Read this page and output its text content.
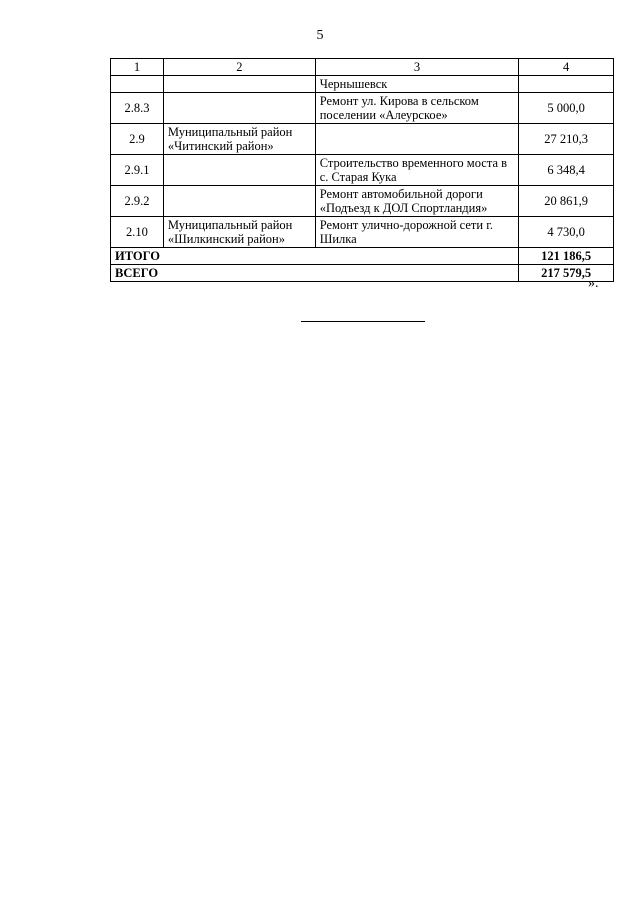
5
1	2	3	4
		Чернышевск	
2.8.3		Ремонт ул. Кирова в сельском поселении «Алеурское»	5 000,0
2.9	Муниципальный район «Читинский район»		27 210,3
2.9.1		Строительство временного моста в с. Старая Кука	6 348,4
2.9.2		Ремонт автомобильной дороги «Подъезд к ДОЛ Спортландия»	20 861,9
2.10	Муниципальный район «Шилкинский район»	Ремонт улично-дорожной сети г. Шилка	4 730,0
ИТОГО			121 186,5
ВСЕГО			217 579,5
».
